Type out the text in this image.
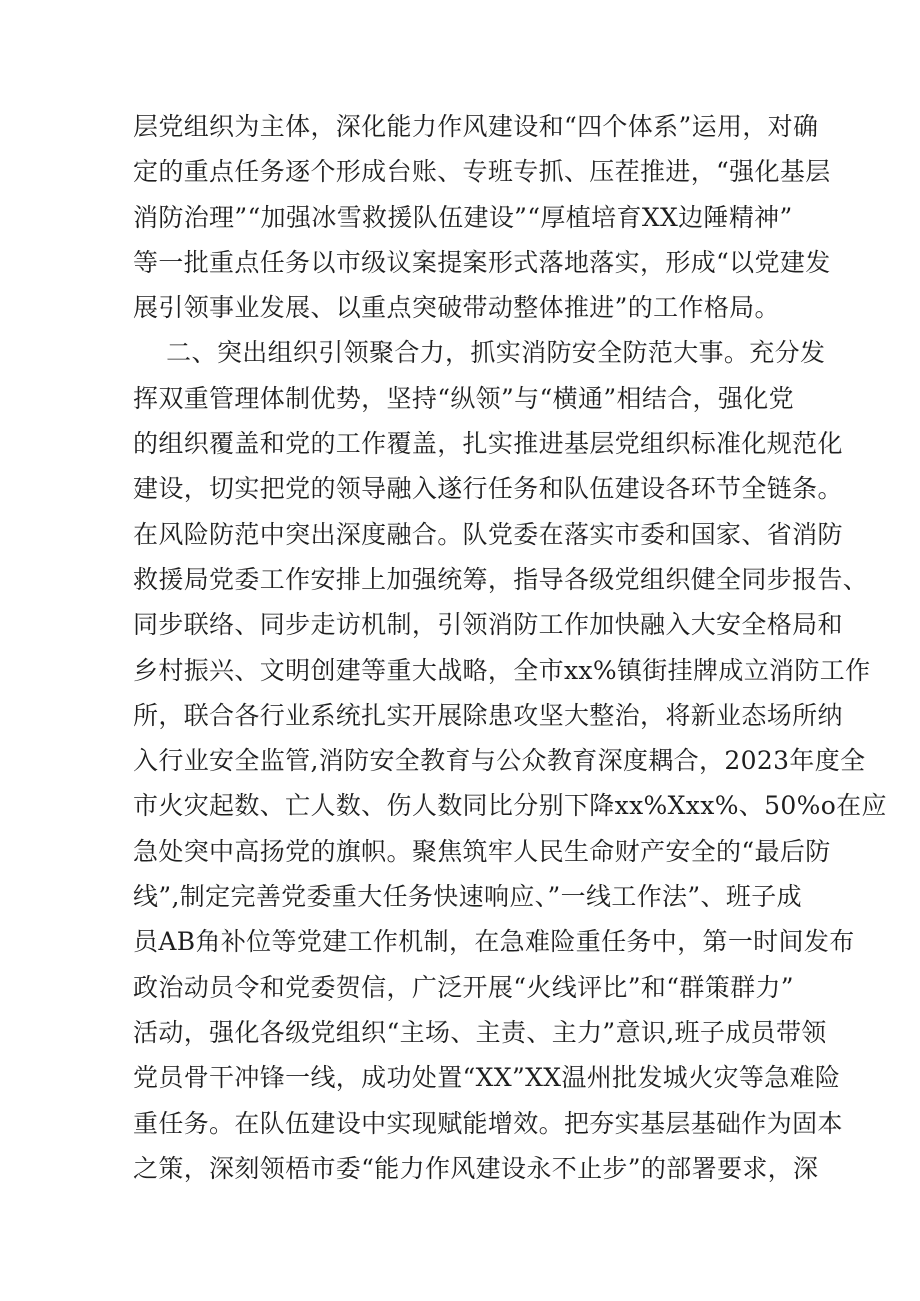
层党组织为主体，深化能力作风建设和“四个体系”运用，对确
定的重点任务逐个形成台账、专班专抓、压茬推进，“强化基层
消防治理”“加强冰雪救援队伍建设”“厚植培育XX边陲精神”
等一批重点任务以市级议案提案形式落地落实，形成“以党建发
展引领事业发展、以重点突破带动整体推进”的工作格局。
二、突出组织引领聚合力，抓实消防安全防范大事。充分发
挥双重管理体制优势，坚持“纵领”与“横通”相结合，强化党
的组织覆盖和党的工作覆盖，扎实推进基层党组织标准化规范化
建设，切实把党的领导融入遂行任务和队伍建设各环节全链条。
在风险防范中突出深度融合。队党委在落实市委和国家、省消防
救援局党委工作安排上加强统筹，指导各级党组织健全同步报告、
同步联络、同步走访机制，引领消防工作加快融入大安全格局和
乡村振兴、文明创建等重大战略，全市xx%镇街挂牌成立消防工作
所，联合各行业系统扎实开展除患攻坚大整治，将新业态场所纳
入行业安全监管,消防安全教育与公众教育深度耦合，2023年度全
市火灾起数、亡人数、伤人数同比分别下降xx%Xxx%、50%o在应
急处突中高扬党的旗帜。聚焦筑牢人民生命财产安全的“最后防
线”,制定完善党委重大任务快速响应、”一线工作法”、班子成
员AB角补位等党建工作机制，在急难险重任务中，第一时间发布
政治动员令和党委贺信，广泛开展“火线评比”和“群策群力”
活动，强化各级党组织“主场、主责、主力”意识,班子成员带领
党员骨干冲锋一线，成功处置“XX”XX温州批发城火灾等急难险
重任务。在队伍建设中实现赋能增效。把夯实基层基础作为固本
之策，深刻领梧市委“能力作风建设永不止步”的部署要求，深
